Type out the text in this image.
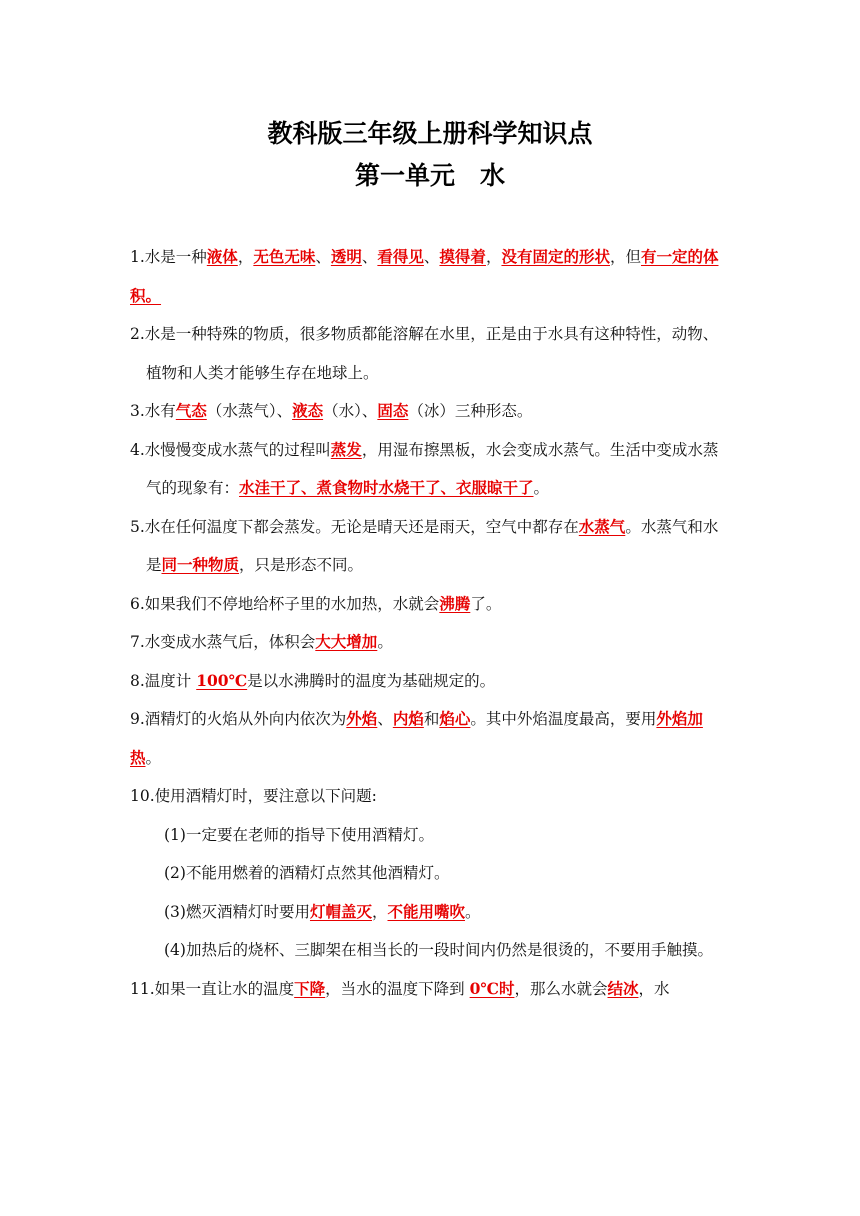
教科版三年级上册科学知识点
第一单元　水

1.水是一种液体，无色无味、透明、看得见、摸得着，没有固定的形状，但有一定的体积。

2.水是一种特殊的物质，很多物质都能溶解在水里，正是由于水具有这种特性，动物、植物和人类才能够生存在地球上。

3.水有气态（水蒸气）、液态（水）、固态（冰）三种形态。

4.水慢慢变成水蒸气的过程叫蒸发，用湿布擦黑板，水会变成水蒸气。生活中变成水蒸气的现象有：水洼干了、煮食物时水烧干了、衣服晾干了。

5.水在任何温度下都会蒸发。无论是晴天还是雨天，空气中都存在水蒸气。水蒸气和水是同一种物质，只是形态不同。

6.如果我们不停地给杯子里的水加热，水就会沸腾了。

7.水变成水蒸气后，体积会大大增加。

8.温度计 100℃是以水沸腾时的温度为基础规定的。

9.酒精灯的火焰从外向内依次为外焰、内焰和焰心。其中外焰温度最高，要用外焰加热。

10.使用酒精灯时，要注意以下问题:

(1)一定要在老师的指导下使用酒精灯。

(2)不能用燃着的酒精灯点然其他酒精灯。

(3)燃灭酒精灯时要用灯帽盖灭，不能用嘴吹。

(4)加热后的烧杯、三脚架在相当长的一段时间内仍然是很烫的，不要用手触摸。

11.如果一直让水的温度下降，当水的温度下降到 0℃时，那么水就会结冰，水
